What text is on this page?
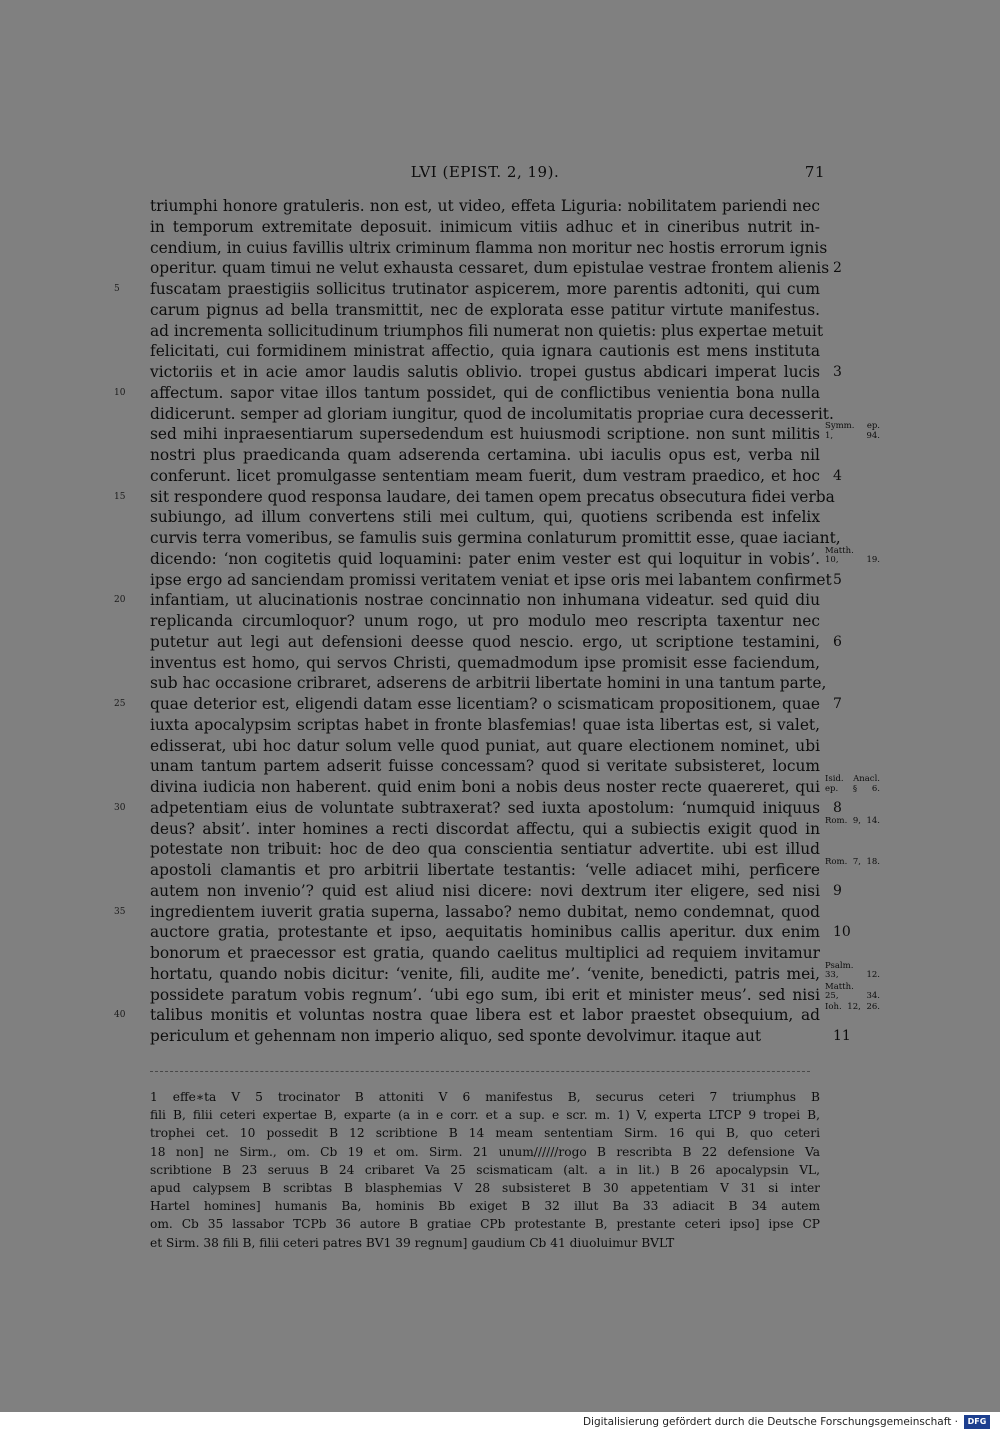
LVI (EPIST. 2, 19).	71
triumphi honore gratuleris. non est, ut video, effeta Liguria: nobilitatem pariendi nec
in temporum extremitate deposuit. inimicum vitiis adhuc et in cineribus nutrit in-
cendium, in cuius favillis ultrix criminum flamma non moritur nec hostis errorum ignis
operitur. quam timui ne velut exhausta cessaret, dum epistulae vestrae frontem alienis 2
fuscatam praestigiis sollicitus trutinator aspicerem, more parentis adtoniti, qui cum
5
carum pignus ad bella transmittit, nec de explorata esse patitur virtute manifestus.
ad incrementa sollicitudinum triumphos fili numerat non quietis: plus expertae metuit
felicitati, cui formidinem ministrat affectio, quia ignara cautionis est mens instituta
victoriis et in acie amor laudis salutis oblivio. tropei gustus abdicari imperat lucis 3
affectum. sapor vitae illos tantum possidet, qui de conflictibus venientia bona nulla
10
didicerunt. semper ad gloriam iungitur, quod de incolumitatis propriae cura decesserit.
sed mihi inpraesentiarum supersedendum est huiusmodi scriptione. non sunt militis Symm. ep.
1, 94.
nostri plus praedicanda quam adserenda certamina. ubi iaculis opus est, verba nil
conferunt. licet promulgasse sententiam meam fuerit, dum vestram praedico, et hoc 4
sit respondere quod responsa laudare, dei tamen opem precatus obsecutura fidei verba
15
subiungo, ad illum convertens stili mei cultum, qui, quotiens scribenda est infelix
curvis terra vomeribus, se famulis suis germina conlaturum promittit esse, quae iaciant,
dicendo: ‘non cogitetis quid loquamini: pater enim vester est qui loquitur in vobis’. Matth.
10, 19.
ipse ergo ad sanciendam promissi veritatem veniat et ipse oris mei labantem confirmet 5
infantiam, ut alucinationis nostrae concinnatio non inhumana videatur. sed quid diu
20
replicanda circumloquor? unum rogo, ut pro modulo meo rescripta taxentur nec
putetur aut legi aut defensioni deesse quod nescio. ergo, ut scriptione testamini, 6
inventus est homo, qui servos Christi, quemadmodum ipse promisit esse faciendum,
sub hac occasione cribraret, adserens de arbitrii libertate homini in una tantum parte,
quae deterior est, eligendi datam esse licentiam? o scismaticam propositionem, quae
25	7
iuxta apocalypsim scriptas habet in fronte blasfemias! quae ista libertas est, si valet,
edisserat, ubi hoc datur solum velle quod puniat, aut quare electionem nominet, ubi
unam tantum partem adserit fuisse concessam? quod si veritate subsisteret, locum
divina iudicia non haberent. quid enim boni a nobis deus noster recte quaereret, qui Isid. Anacl.
ep. § 6.
adpetentiam eius de voluntate subtraxerat? sed iuxta apostolum: ‘numquid iniquus
30	8
deus? absit’. inter homines a recti discordat affectu, qui a subiectis exigit quod in Rom. 9, 14.
potestate non tribuit: hoc de deo qua conscientia sentiatur advertite. ubi est illud
apostoli clamantis et pro arbitrii libertate testantis: ‘velle adiacet mihi, perficere Rom. 7, 18.
autem non invenio’? quid est aliud nisi dicere: novi dextrum iter eligere, sed nisi 9
ingredientem iuverit gratia superna, lassabo? nemo dubitat, nemo condemnat, quod
35
auctore gratia, protestante et ipso, aequitatis hominibus callis aperitur. dux enim 10
bonorum et praecessor est gratia, quando caelitus multiplici ad requiem invitamur
hortatu, quando nobis dicitur: ‘venite, fili, audite me’. ‘venite, benedicti, patris mei, Psalm.
33, 12.
possidete paratum vobis regnum’. ‘ubi ego sum, ibi erit et minister meus’. sed nisi Matth.
25, 34.
talibus monitis et voluntas nostra quae libera est et labor praestet obsequium, ad
40
Ioh. 12, 26.
periculum et gehennam non imperio aliquo, sed sponte devolvimur. itaque aut	11
1 effe∗ta V 5 trocinator B attoniti V 6 manifestus B, securus ceteri 7 triumphus B
fili B, filii ceteri expertae B, exparte (a in e corr. et a sup. e scr. m. 1) V, experta LTCP 9 tropei B,
trophei cet. 10 possedit B 12 scribtione B 14 meam sententiam Sirm. 16 qui B, quo ceteri
18 non] ne Sirm., om. Cb 19 et om. Sirm. 21 unum//////rogo B rescribta B 22 defensione Va
scribtione B 23 seruus B 24 cribaret Va 25 scismaticam (alt. a in lit.) B 26 apocalypsin VL,
apud calypsem B scribtas B blasphemias V 28 subsisteret B 30 appetentiam V 31 si inter
Hartel homines] humanis Ba, hominis Bb exiget B 32 illut Ba 33 adiacit B 34 autem
om. Cb 35 lassabor TCPb 36 autore B gratiae CPb protestante B, prestante ceteri ipso] ipse CP
et Sirm. 38 fili B, filii ceteri patres BV1 39 regnum] gaudium Cb 41 diuoluimur BVLT
Digitalisierung gefördert durch die Deutsche Forschungsgemeinschaft ·	DFG
